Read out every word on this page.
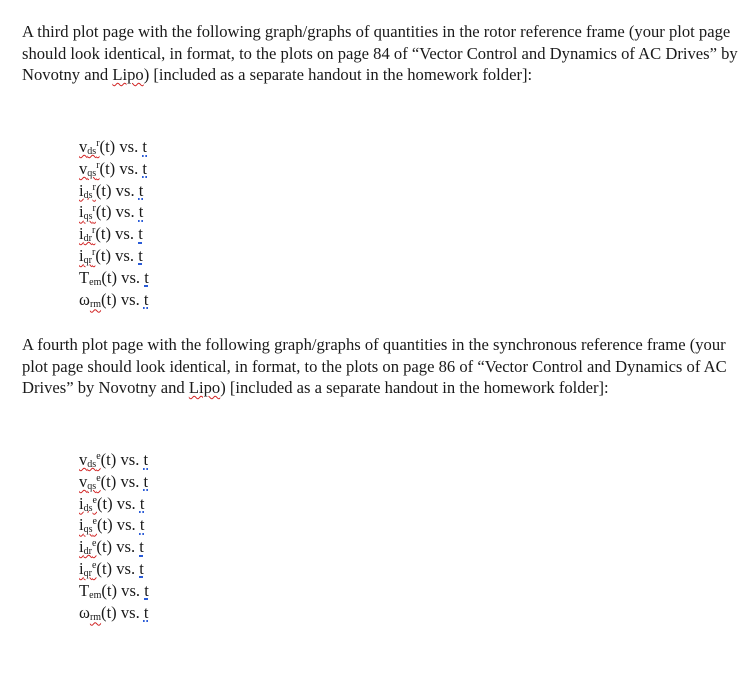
A third plot page with the following graph/graphs of quantities in the rotor reference frame (your plot page should look identical, in format, to the plots on page 84 of “Vector Control and Dynamics of AC Drives” by Novotny and Lipo) [included as a separate handout in the homework folder]:

$v_{ds}^r(t)$ vs. t
$v_{qs}^r(t)$ vs. t
$i_{ds}^r(t)$ vs. t
$i_{qs}^r(t)$ vs. t
$i_{dr}^r(t)$ vs. t
$i_{qr}^r(t)$ vs. t
$T_{em}(t)$ vs. t
$\omega_{rm}(t)$ vs. t

A fourth plot page with the following graph/graphs of quantities in the synchronous reference frame (your plot page should look identical, in format, to the plots on page 86 of “Vector Control and Dynamics of AC Drives” by Novotny and Lipo) [included as a separate handout in the homework folder]:

$v_{ds}^e(t)$ vs. t
$v_{qs}^e(t)$ vs. t
$i_{ds}^e(t)$ vs. t
$i_{qs}^e(t)$ vs. t
$i_{dr}^e(t)$ vs. t
$i_{qr}^e(t)$ vs. t
$T_{em}(t)$ vs. t
$\omega_{rm}(t)$ vs. t
